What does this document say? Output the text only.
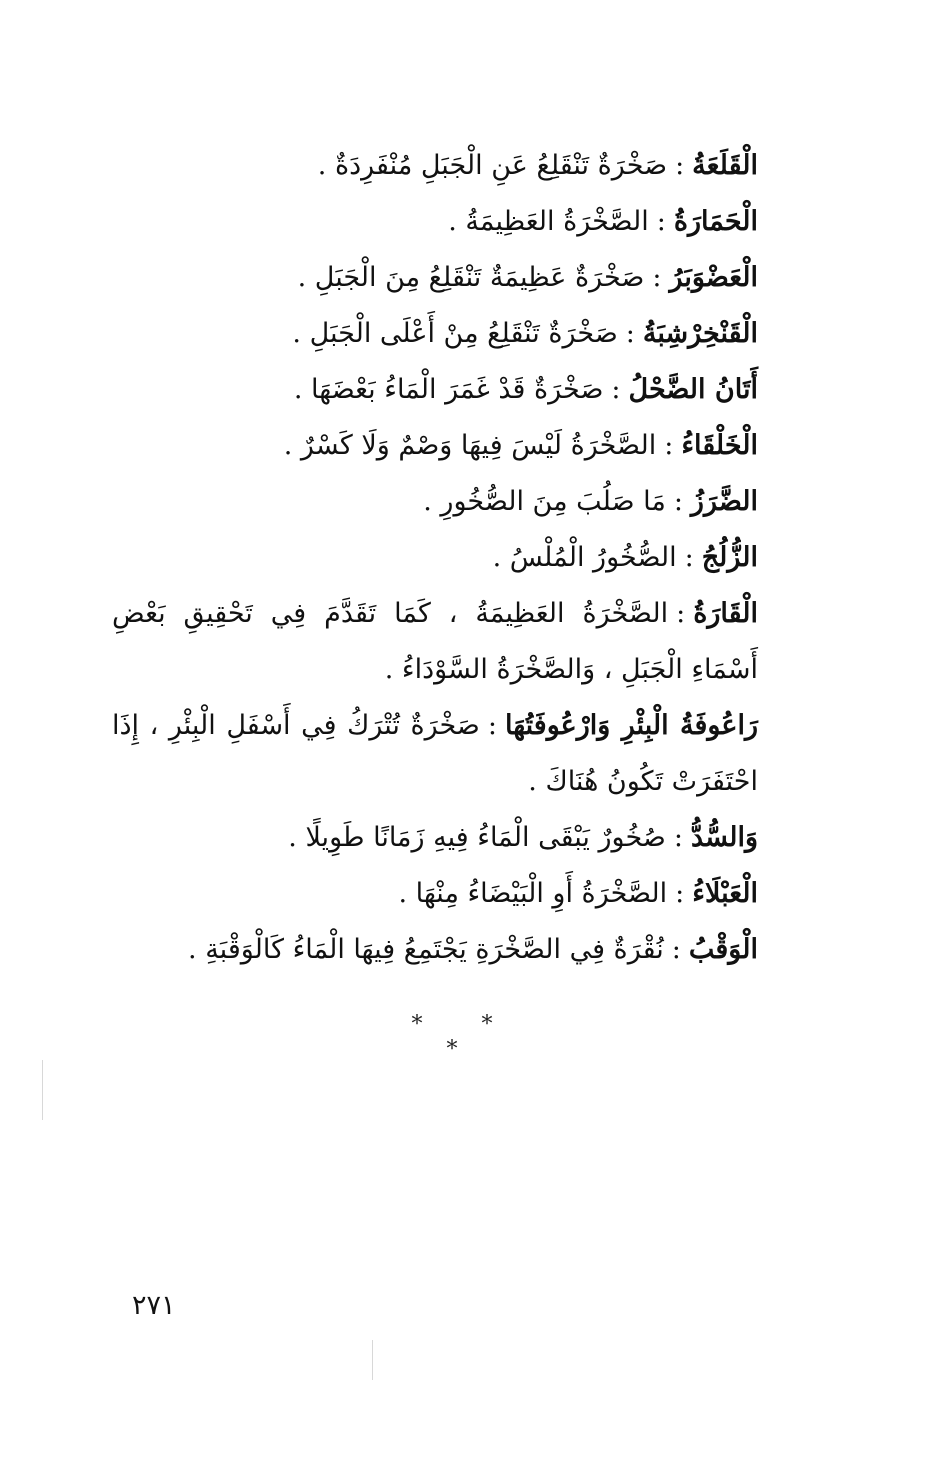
الْقَلَعَةُ:صَخْرَةٌ تَنْقَلِعُ عَنِ الْجَبَلِ مُنْفَرِدَةٌ .

الْحَمَارَةُ:الصَّخْرَةُ العَظِيمَةُ .

الْعَضْوَبَرُ:صَخْرَةٌ عَظِيمَةٌ تَنْقَلِعُ مِنَ الْجَبَلِ .

الْقَنْخِرْشِبَةُ:صَخْرَةٌ تَنْقَلِعُ مِنْ أَعْلَى الْجَبَلِ .

أَتَانُ الضَّحْلُ:صَخْرَةٌ قَدْ غَمَرَ الْمَاءُ بَعْضَهَا .

الْخَلْقَاءُ:الصَّخْرَةُ لَيْسَ فِيهَا وَصْمٌ وَلَا كَسْرٌ .

الضَّرَزُ:مَا صَلُبَ مِنَ الصُّخُورِ .

الزُّلُجُ:الصُّخُورُ الْمُلْسُ .

الْقَارَةُ:الصَّخْرَةُ العَظِيمَةُ ، كَمَا تَقَدَّمَ فِي تَحْقِيقِ بَعْضِ أَسْمَاءِ الْجَبَلِ ، وَالصَّخْرَةُ السَّوْدَاءُ .

رَاعُوفَةُ الْبِئْرِ وَارْعُوفَتُهَا:صَخْرَةٌ تُتْرَكُ فِي أَسْفَلِ الْبِئْرِ ، إِذَا احْتَفَرَتْ تَكُونُ هُنَاكَ .

وَالسُّدُّ:صُخُورٌ يَبْقَى الْمَاءُ فِيهِ زَمَانًا طَوِيلًا .

الْعَبْلَاءُ:الصَّخْرَةُ أَوِ الْبَيْضَاءُ مِنْهَا .

الْوَقْبُ:نُقْرَةٌ فِي الصَّخْرَةِ يَجْتَمِعُ فِيهَا الْمَاءُ كَالْوَقْبَةِ .

* * *
٢٧١
